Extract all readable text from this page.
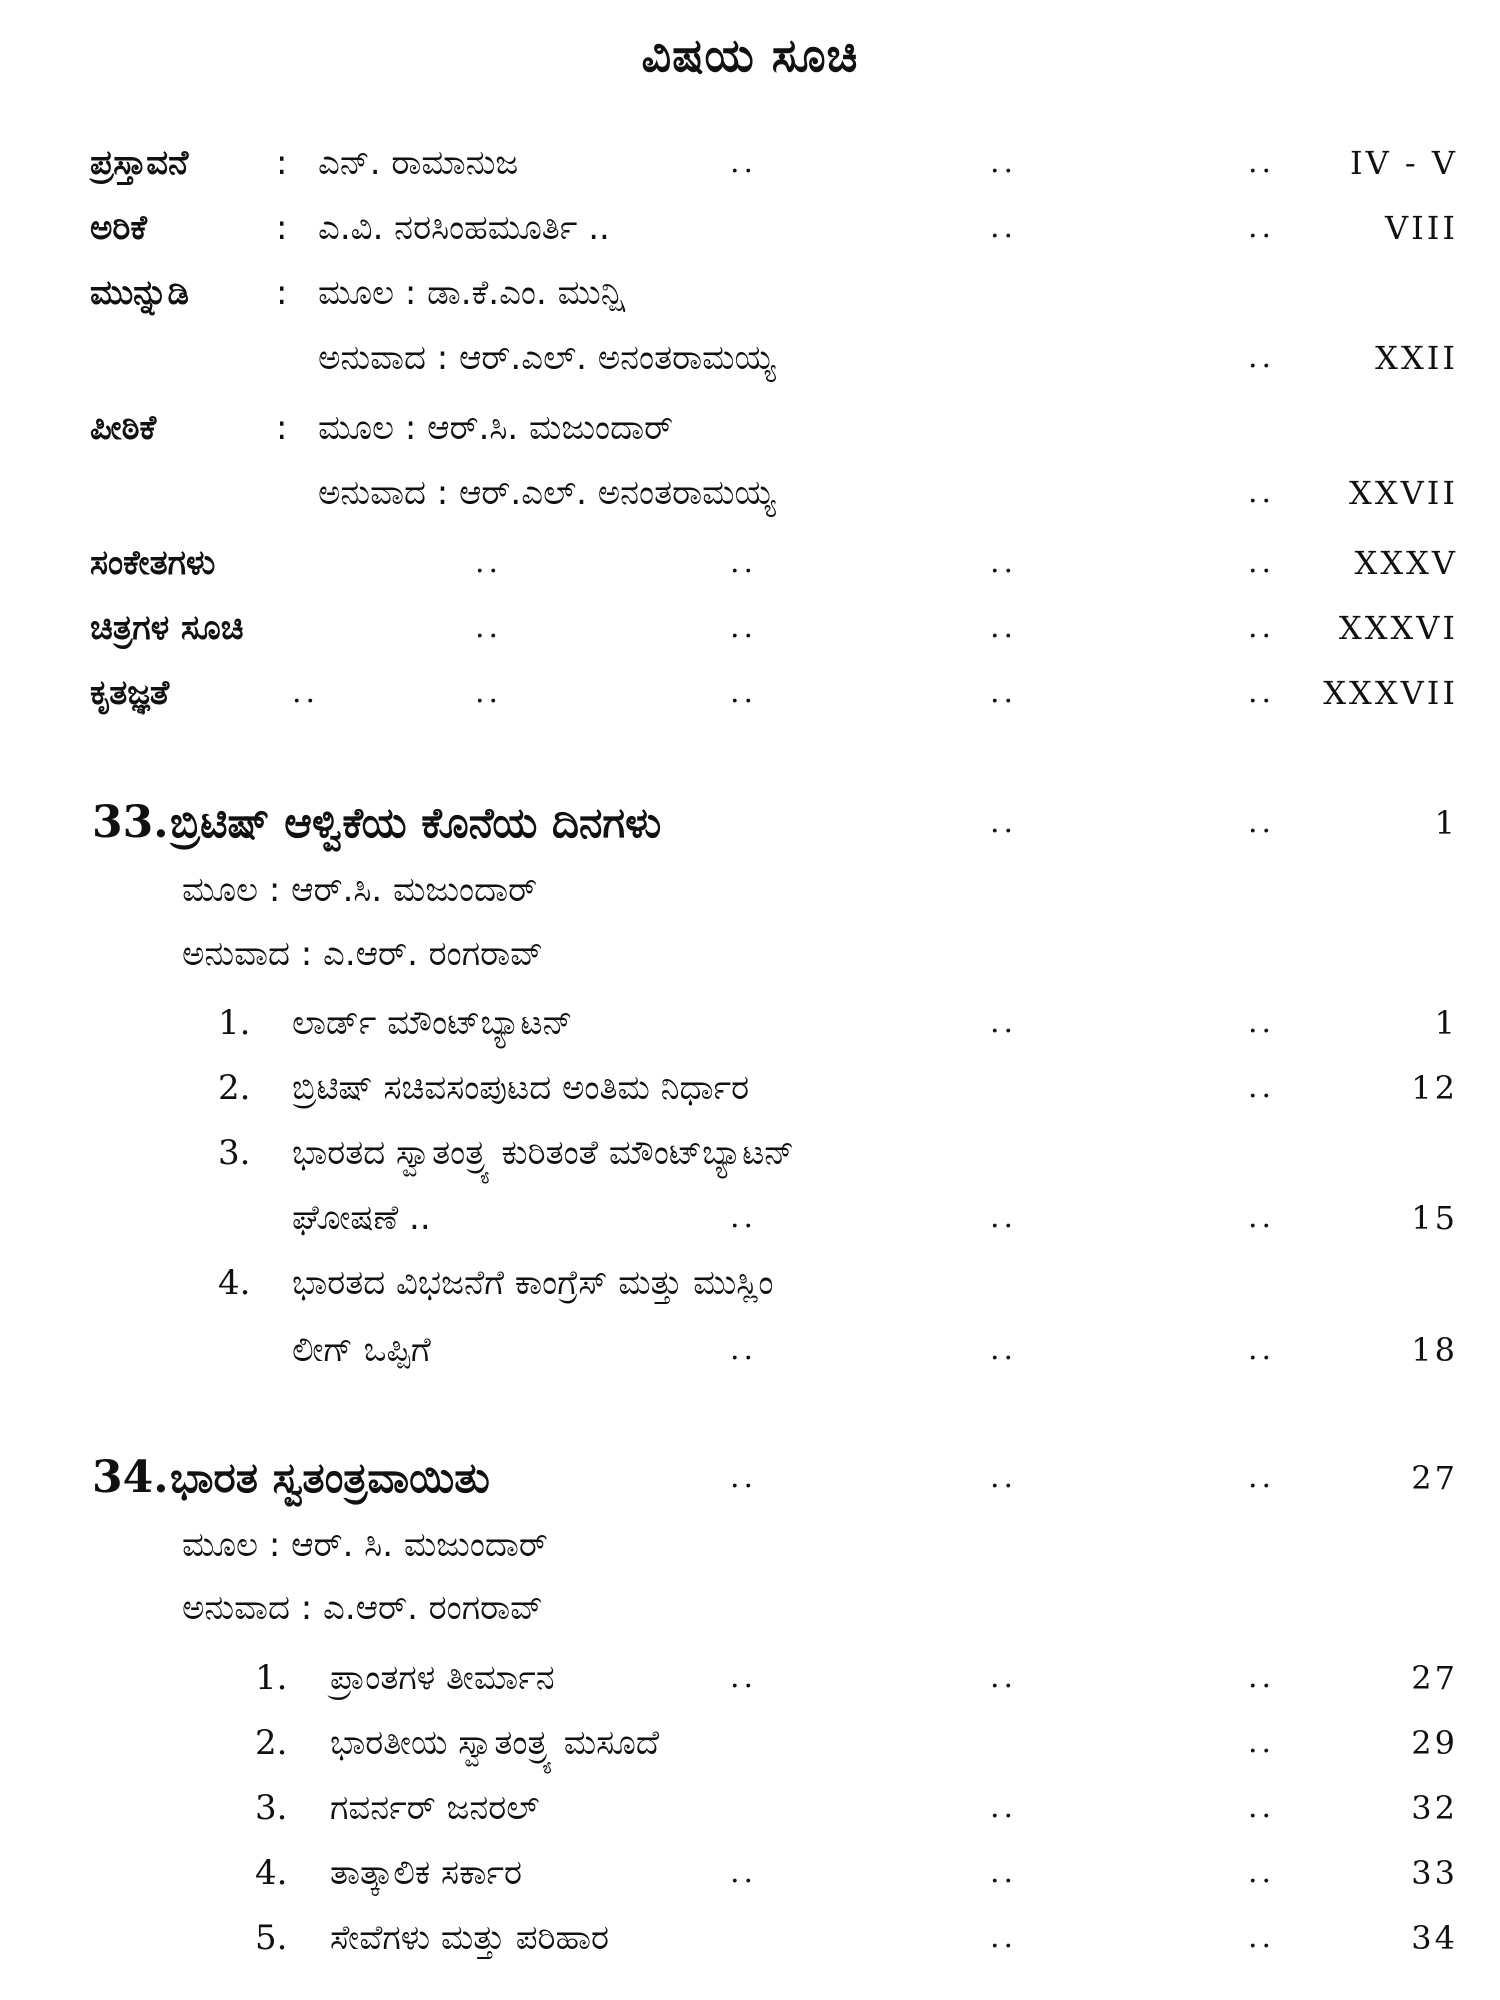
ವಿಷಯ ಸೂಚಿ
ಪ್ರಸ್ತಾವನೆ	: ಎನ್. ರಾಮಾನುಜ	..	..	.. IV - V
ಅರಿಕೆ	: ಎ.ವಿ. ನರಸಿಂಹಮೂರ್ತಿ ..	..	..	VIII
ಮುನ್ನುಡಿ	: ಮೂಲ : ಡಾ.ಕೆ.ಎಂ. ಮುನ್ಷಿ
ಅನುವಾದ : ಆರ್.ಎಲ್. ಅನಂತರಾಮಯ್ಯ	..	XXII
ಪೀಠಿಕೆ	: ಮೂಲ : ಆರ್.ಸಿ. ಮಜುಂದಾರ್
ಅನುವಾದ : ಆರ್.ಎಲ್. ಅನಂತರಾಮಯ್ಯ	.. XXVII
ಸಂಕೇತಗಳು	..	..	..	.. XXXV
ಚಿತ್ರಗಳ ಸೂಚಿ	..	..	..	.. XXXVI
ಕೃತಜ್ಞತೆ	..	..	..	..	.. XXXVII
33. ಬ್ರಿಟಿಷ್ ಆಳ್ವಿಕೆಯ ಕೊನೆಯ ದಿನಗಳು	..	..	1
ಮೂಲ : ಆರ್.ಸಿ. ಮಜುಂದಾರ್
ಅನುವಾದ : ಎ.ಆರ್. ರಂಗರಾವ್
1. ಲಾರ್ಡ್ ಮೌಂಟ್‌ಬ್ಯಾಟನ್	..	..	1
2. ಬ್ರಿಟಿಷ್ ಸಚಿವಸಂಪುಟದ ಅಂತಿಮ ನಿರ್ಧಾರ	..	12
3. ಭಾರತದ ಸ್ವಾತಂತ್ರ್ಯ ಕುರಿತಂತೆ ಮೌಂಟ್‌ಬ್ಯಾಟನ್
ಘೋಷಣೆ ..	..	..	..	15
4. ಭಾರತದ ವಿಭಜನೆಗೆ ಕಾಂಗ್ರೆಸ್ ಮತ್ತು ಮುಸ್ಲಿಂ
ಲೀಗ್ ಒಪ್ಪಿಗೆ	..	..	..	18
34. ಭಾರತ ಸ್ವತಂತ್ರವಾಯಿತು	..	..	..	27
ಮೂಲ : ಆರ್. ಸಿ. ಮಜುಂದಾರ್
ಅನುವಾದ : ಎ.ಆರ್. ರಂಗರಾವ್
1. ಪ್ರಾಂತಗಳ ತೀರ್ಮಾನ	..	..	..	27
2. ಭಾರತೀಯ ಸ್ವಾತಂತ್ರ್ಯ ಮಸೂದೆ	..	29
3. ಗವರ್ನರ್ ಜನರಲ್	..	..	32
4. ತಾತ್ಕಾಲಿಕ ಸರ್ಕಾರ	..	..	..	33
5. ಸೇವೆಗಳು ಮತ್ತು ಪರಿಹಾರ	..	..	34
